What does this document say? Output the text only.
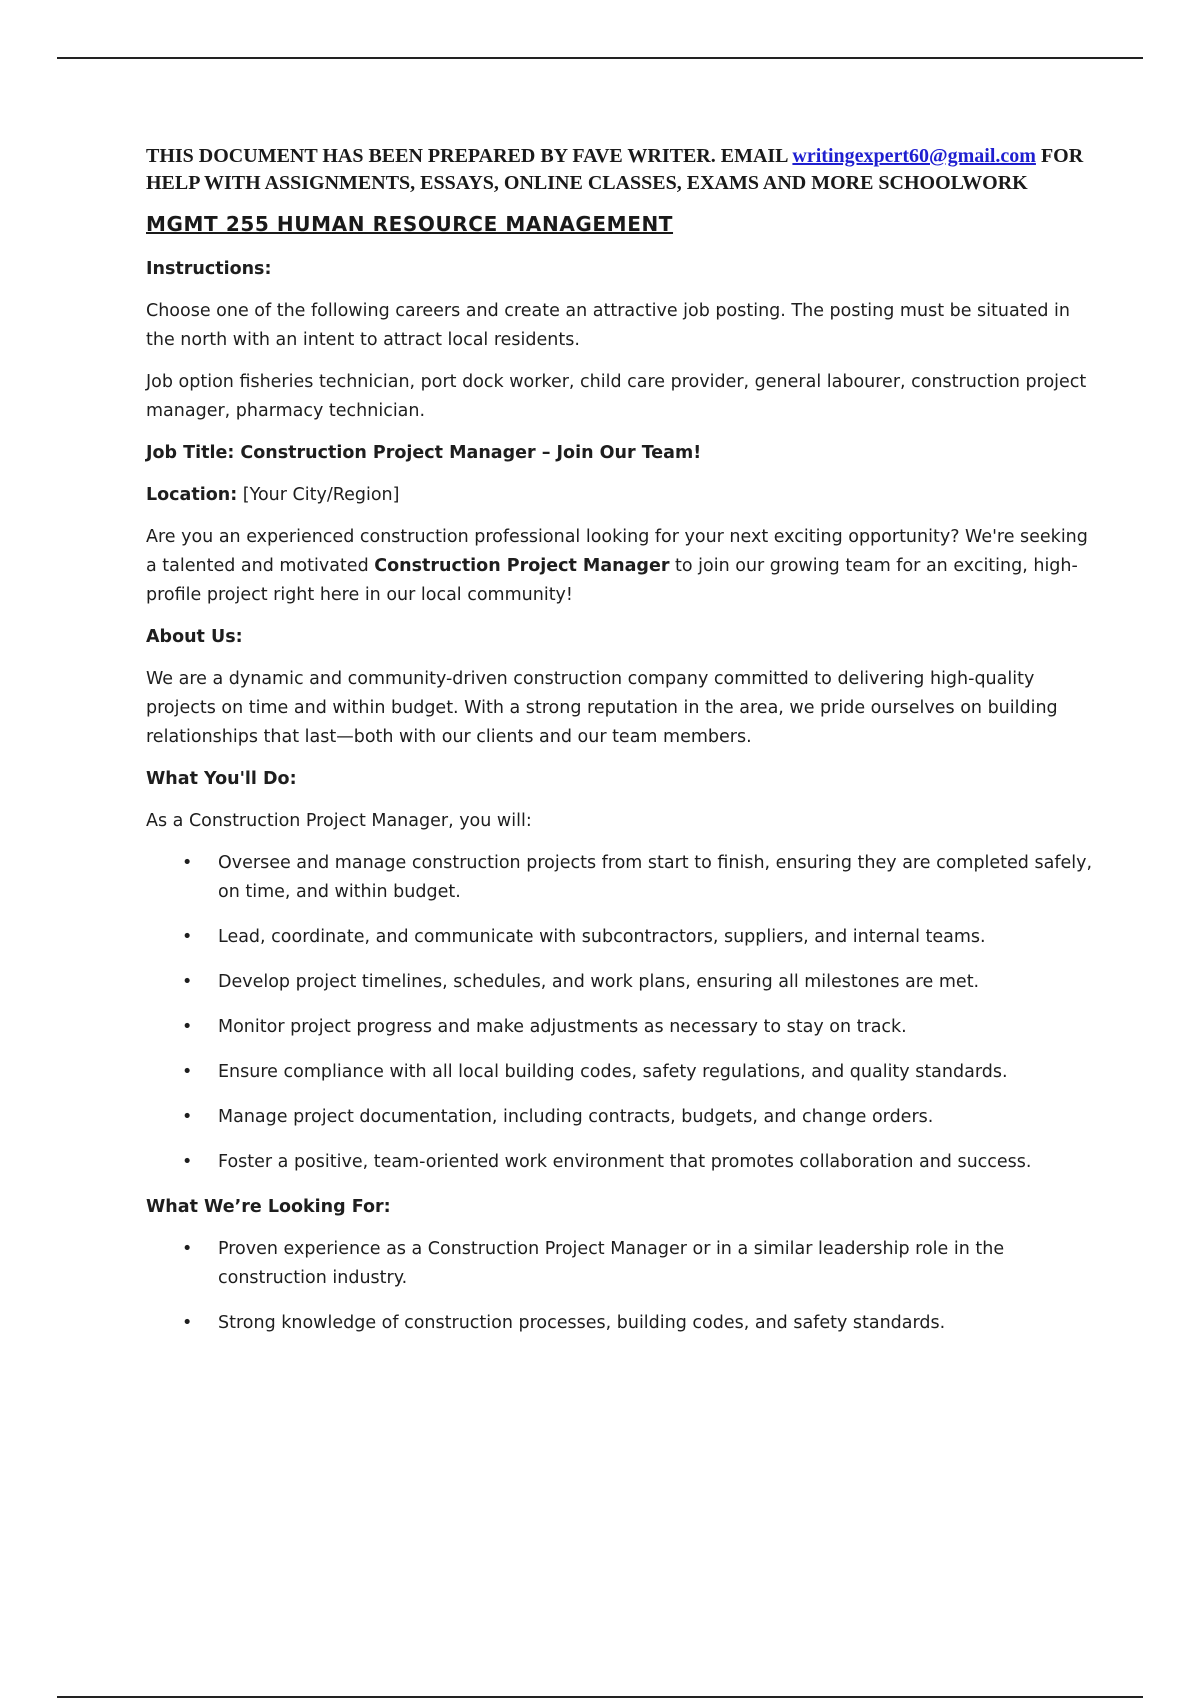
THIS DOCUMENT HAS BEEN PREPARED BY FAVE WRITER. EMAIL writingexpert60@gmail.com FOR HELP WITH ASSIGNMENTS, ESSAYS, ONLINE CLASSES, EXAMS AND MORE SCHOOLWORK
MGMT 255 HUMAN RESOURCE MANAGEMENT

Instructions:

Choose one of the following careers and create an attractive job posting. The posting must be situated in the north with an intent to attract local residents.

Job option fisheries technician, port dock worker, child care provider, general labourer, construction project manager, pharmacy technician.

Job Title: Construction Project Manager – Join Our Team!

Location: [Your City/Region]

Are you an experienced construction professional looking for your next exciting opportunity? We're seeking a talented and motivated Construction Project Manager to join our growing team for an exciting, high-profile project right here in our local community!

About Us:

We are a dynamic and community-driven construction company committed to delivering high-quality projects on time and within budget. With a strong reputation in the area, we pride ourselves on building relationships that last—both with our clients and our team members.

What You'll Do:

As a Construction Project Manager, you will:

• Oversee and manage construction projects from start to finish, ensuring they are completed safely, on time, and within budget.
• Lead, coordinate, and communicate with subcontractors, suppliers, and internal teams.
• Develop project timelines, schedules, and work plans, ensuring all milestones are met.
• Monitor project progress and make adjustments as necessary to stay on track.
• Ensure compliance with all local building codes, safety regulations, and quality standards.
• Manage project documentation, including contracts, budgets, and change orders.
• Foster a positive, team-oriented work environment that promotes collaboration and success.

What We’re Looking For:

• Proven experience as a Construction Project Manager or in a similar leadership role in the construction industry.
• Strong knowledge of construction processes, building codes, and safety standards.
